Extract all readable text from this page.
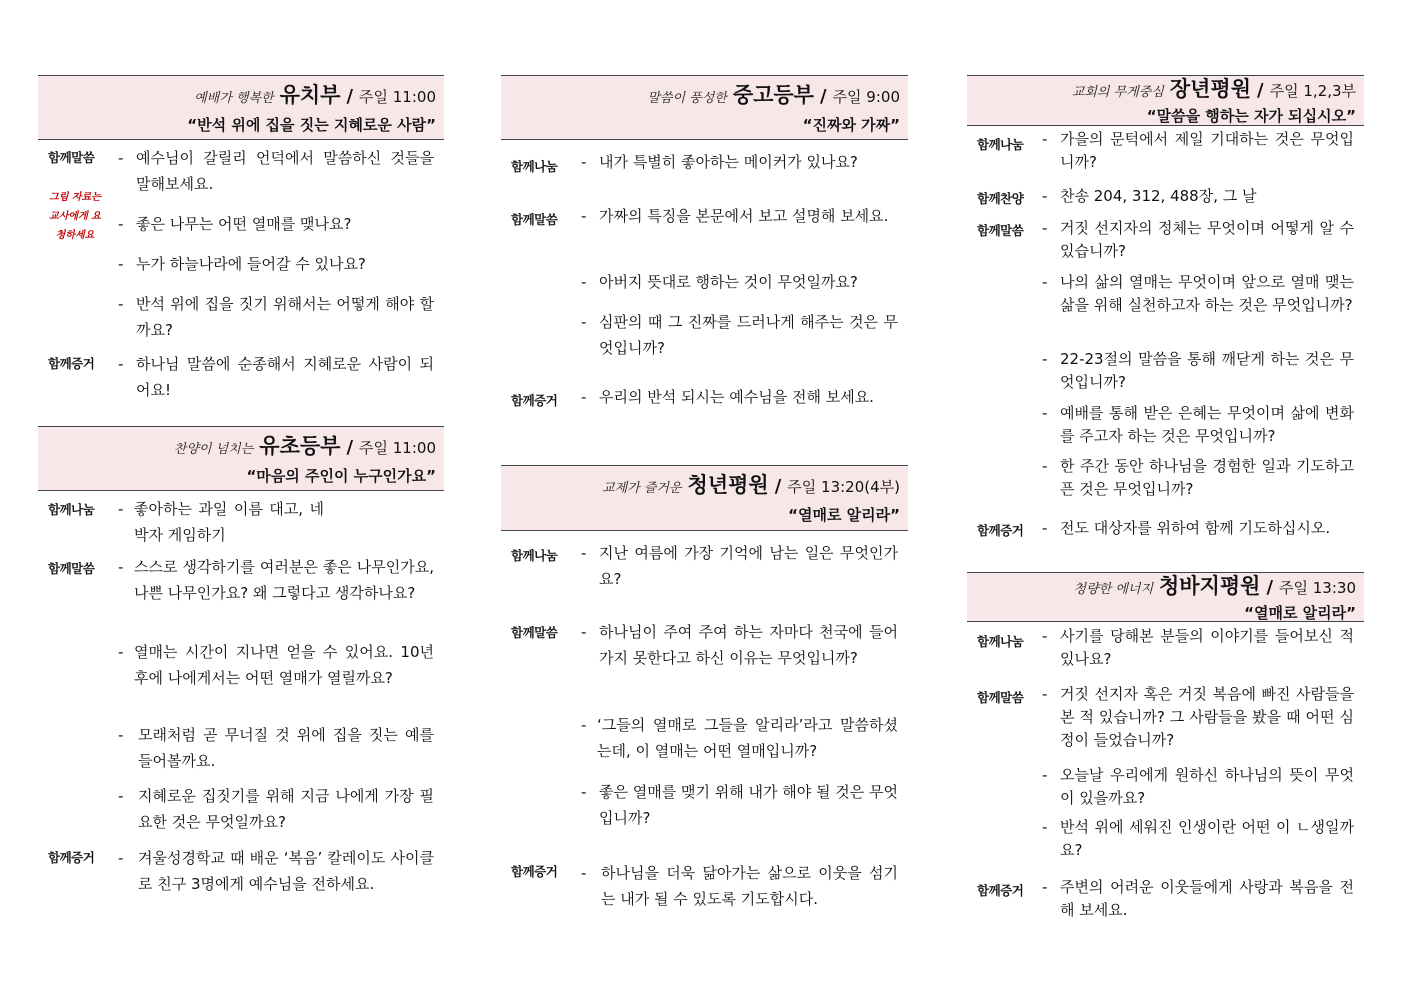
예배가 행복한 유치부 / 주일 11:00
“반석 위에 집을 짓는 지혜로운 사람”
함께말씀
그림 자료는 교사에게 요청하세요
- 예수님이 갈릴리 언덕에서 말씀하신 것들을 말해보세요.
- 좋은 나무는 어떤 열매를 맺나요?
- 누가 하늘나라에 들어갈 수 있나요?
- 반석 위에 집을 짓기 위해서는 어떻게 해야 할까요?
함께증거 - 하나님 말씀에 순종해서 지혜로운 사람이 되어요!
찬양이 넘치는 유초등부 / 주일 11:00
“마음의 주인이 누구인가요”
함께나눔 - 좋아하는 과일 이름 대고, 네 박자 게임하기
함께말씀 - 스스로 생각하기를 여러분은 좋은 나무인가요, 나쁜 나무인가요? 왜 그렇다고 생각하나요?
- 열매는 시간이 지나면 얻을 수 있어요. 10년 후에 나에게서는 어떤 열매가 열릴까요?
- 모래처럼 곧 무너질 것 위에 집을 짓는 예를 들어볼까요.
- 지혜로운 집짓기를 위해 지금 나에게 가장 필요한 것은 무엇일까요?
함께증거 - 겨울성경학교 때 배운 ‘복음’ 칼레이도 사이클로 친구 3명에게 예수님을 전하세요.
말씀이 풍성한 중고등부 / 주일 9:00
“진짜와 가짜”
함께나눔 - 내가 특별히 좋아하는 메이커가 있나요?
함께말씀 - 가짜의 특징을 본문에서 보고 설명해 보세요.
- 아버지 뜻대로 행하는 것이 무엇일까요?
- 심판의 때 그 진짜를 드러나게 해주는 것은 무엇입니까?
함께증거 - 우리의 반석 되시는 예수님을 전해 보세요.
교제가 즐거운 청년평원 / 주일 13:20(4부)
“열매로 알리라”
함께나눔 - 지난 여름에 가장 기억에 남는 일은 무엇인가요?
함께말씀 - 하나님이 주여 주여 하는 자마다 천국에 들어가지 못한다고 하신 이유는 무엇입니까?
- ‘그들의 열매로 그들을 알리라’라고 말씀하셨는데, 이 열매는 어떤 열매입니까?
- 좋은 열매를 맺기 위해 내가 해야 될 것은 무엇입니까?
함께증거 - 하나님을 더욱 닮아가는 삶으로 이웃을 섬기는 내가 될 수 있도록 기도합시다.
교회의 무게중심 장년평원 / 주일 1,2,3부
“말씀을 행하는 자가 되십시오”
함께나눔 - 가을의 문턱에서 제일 기대하는 것은 무엇입니까?
함께찬양 - 찬송 204, 312, 488장, 그 날
함께말씀 - 거짓 선지자의 정체는 무엇이며 어떻게 알 수 있습니까?
- 나의 삶의 열매는 무엇이며 앞으로 열매 맺는 삶을 위해 실천하고자 하는 것은 무엇입니까?
- 22-23절의 말씀을 통해 깨닫게 하는 것은 무엇입니까?
- 예배를 통해 받은 은혜는 무엇이며 삶에 변화를 주고자 하는 것은 무엇입니까?
- 한 주간 동안 하나님을 경험한 일과 기도하고픈 것은 무엇입니까?
함께증거 - 전도 대상자를 위하여 함께 기도하십시오.
청량한 에너지 청바지평원 / 주일 13:30
“열매로 알리라”
함께나눔 - 사기를 당해본 분들의 이야기를 들어보신 적 있나요?
함께말씀 - 거짓 선지자 혹은 거짓 복음에 빠진 사람들을 본 적 있습니까? 그 사람들을 봤을 때 어떤 심정이 들었습니까?
- 오늘날 우리에게 원하신 하나님의 뜻이 무엇이 있을까요?
- 반석 위에 세워진 인생이란 어떤 이 ㄴ생일까요?
함께증거 - 주변의 어려운 이웃들에게 사랑과 복음을 전해 보세요.
